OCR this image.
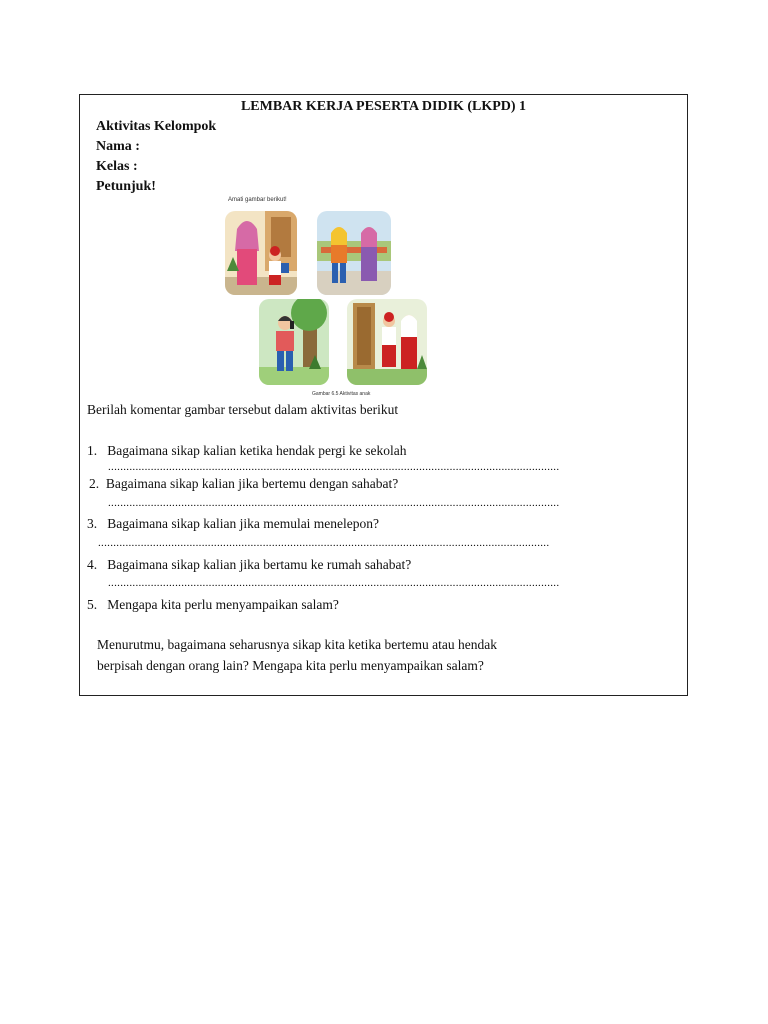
LEMBAR KERJA PESERTA DIDIK (LKPD) 1
Aktivitas Kelompok
Nama :
Kelas :
Petunjuk!
Amati gambar berikut!
Gambar 6.5 Aktivitas anak
Berilah komentar gambar tersebut dalam aktivitas berikut
1. Bagaimana sikap kalian ketika hendak pergi ke sekolah
....................................................................................................................................................
2. Bagaimana sikap kalian jika bertemu dengan sahabat?
....................................................................................................................................................
3. Bagaimana sikap kalian jika memulai menelepon?
....................................................................................................................................................
4. Bagaimana sikap kalian jika bertamu ke rumah sahabat?
....................................................................................................................................................
5. Mengapa kita perlu menyampaikan salam?
Menurutmu, bagaimana seharusnya sikap kita ketika bertemu atau hendak
berpisah dengan orang lain? Mengapa kita perlu menyampaikan salam?
